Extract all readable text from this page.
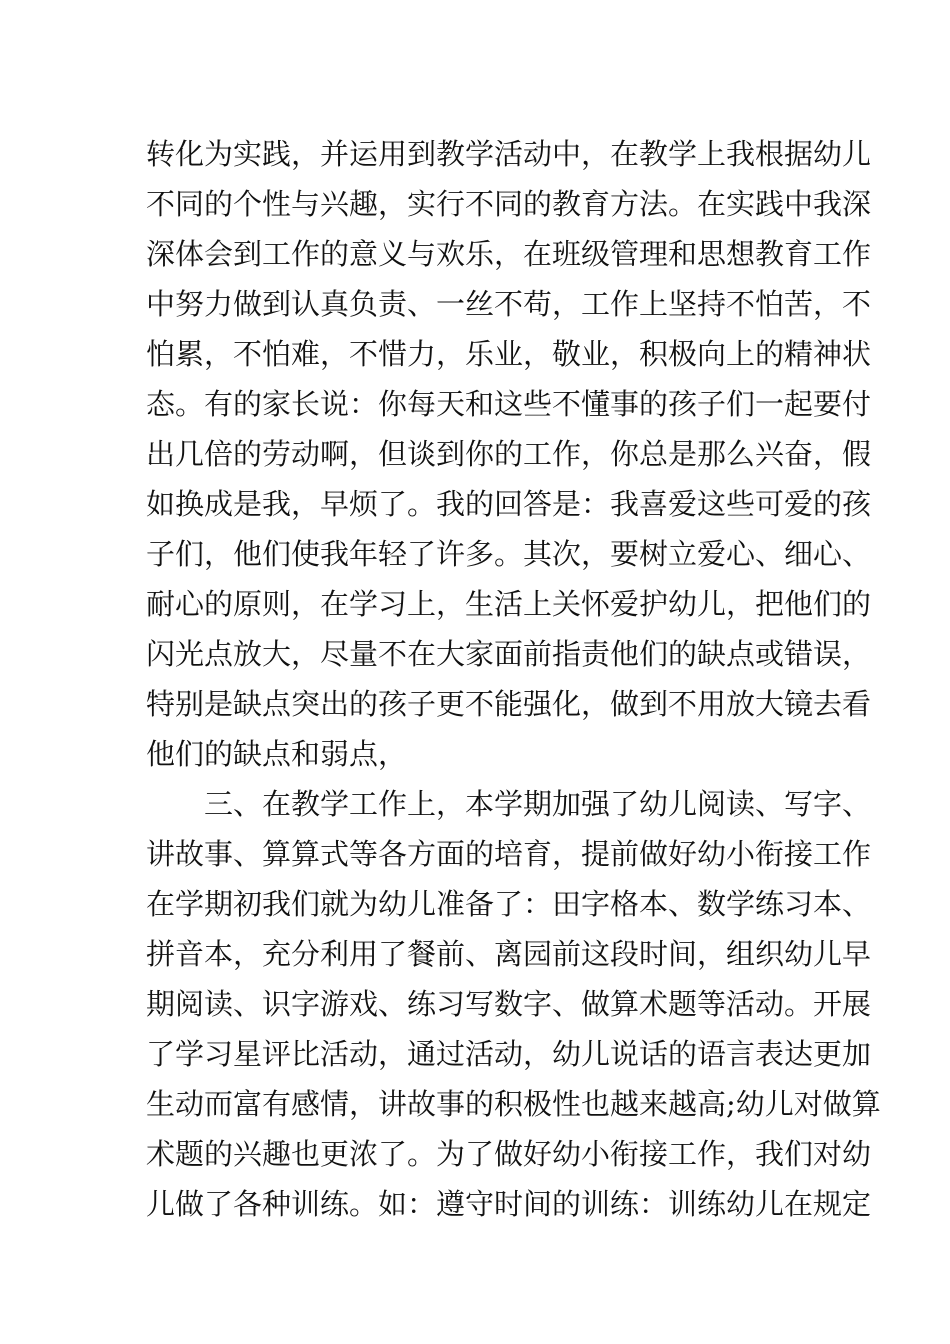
转化为实践，并运用到教学活动中，在教学上我根据幼儿
不同的个性与兴趣，实行不同的教育方法。在实践中我深
深体会到工作的意义与欢乐，在班级管理和思想教育工作
中努力做到认真负责、一丝不苟，工作上坚持不怕苦，不
怕累，不怕难，不惜力，乐业，敬业，积极向上的精神状
态。有的家长说：你每天和这些不懂事的孩子们一起要付
出几倍的劳动啊，但谈到你的工作，你总是那么兴奋，假
如换成是我，早烦了。我的回答是：我喜爱这些可爱的孩
子们，他们使我年轻了许多。其次，要树立爱心、细心、
耐心的原则，在学习上，生活上关怀爱护幼儿，把他们的
闪光点放大，尽量不在大家面前指责他们的缺点或错误，
特别是缺点突出的孩子更不能强化，做到不用放大镜去看
他们的缺点和弱点，
三、在教学工作上，本学期加强了幼儿阅读、写字、
讲故事、算算式等各方面的培育，提前做好幼小衔接工作
在学期初我们就为幼儿准备了：田字格本、数学练习本、
拼音本，充分利用了餐前、离园前这段时间，组织幼儿早
期阅读、识字游戏、练习写数字、做算术题等活动。开展
了学习星评比活动，通过活动，幼儿说话的语言表达更加
生动而富有感情，讲故事的积极性也越来越高;幼儿对做算
术题的兴趣也更浓了。为了做好幼小衔接工作，我们对幼
儿做了各种训练。如：遵守时间的训练：训练幼儿在规定
